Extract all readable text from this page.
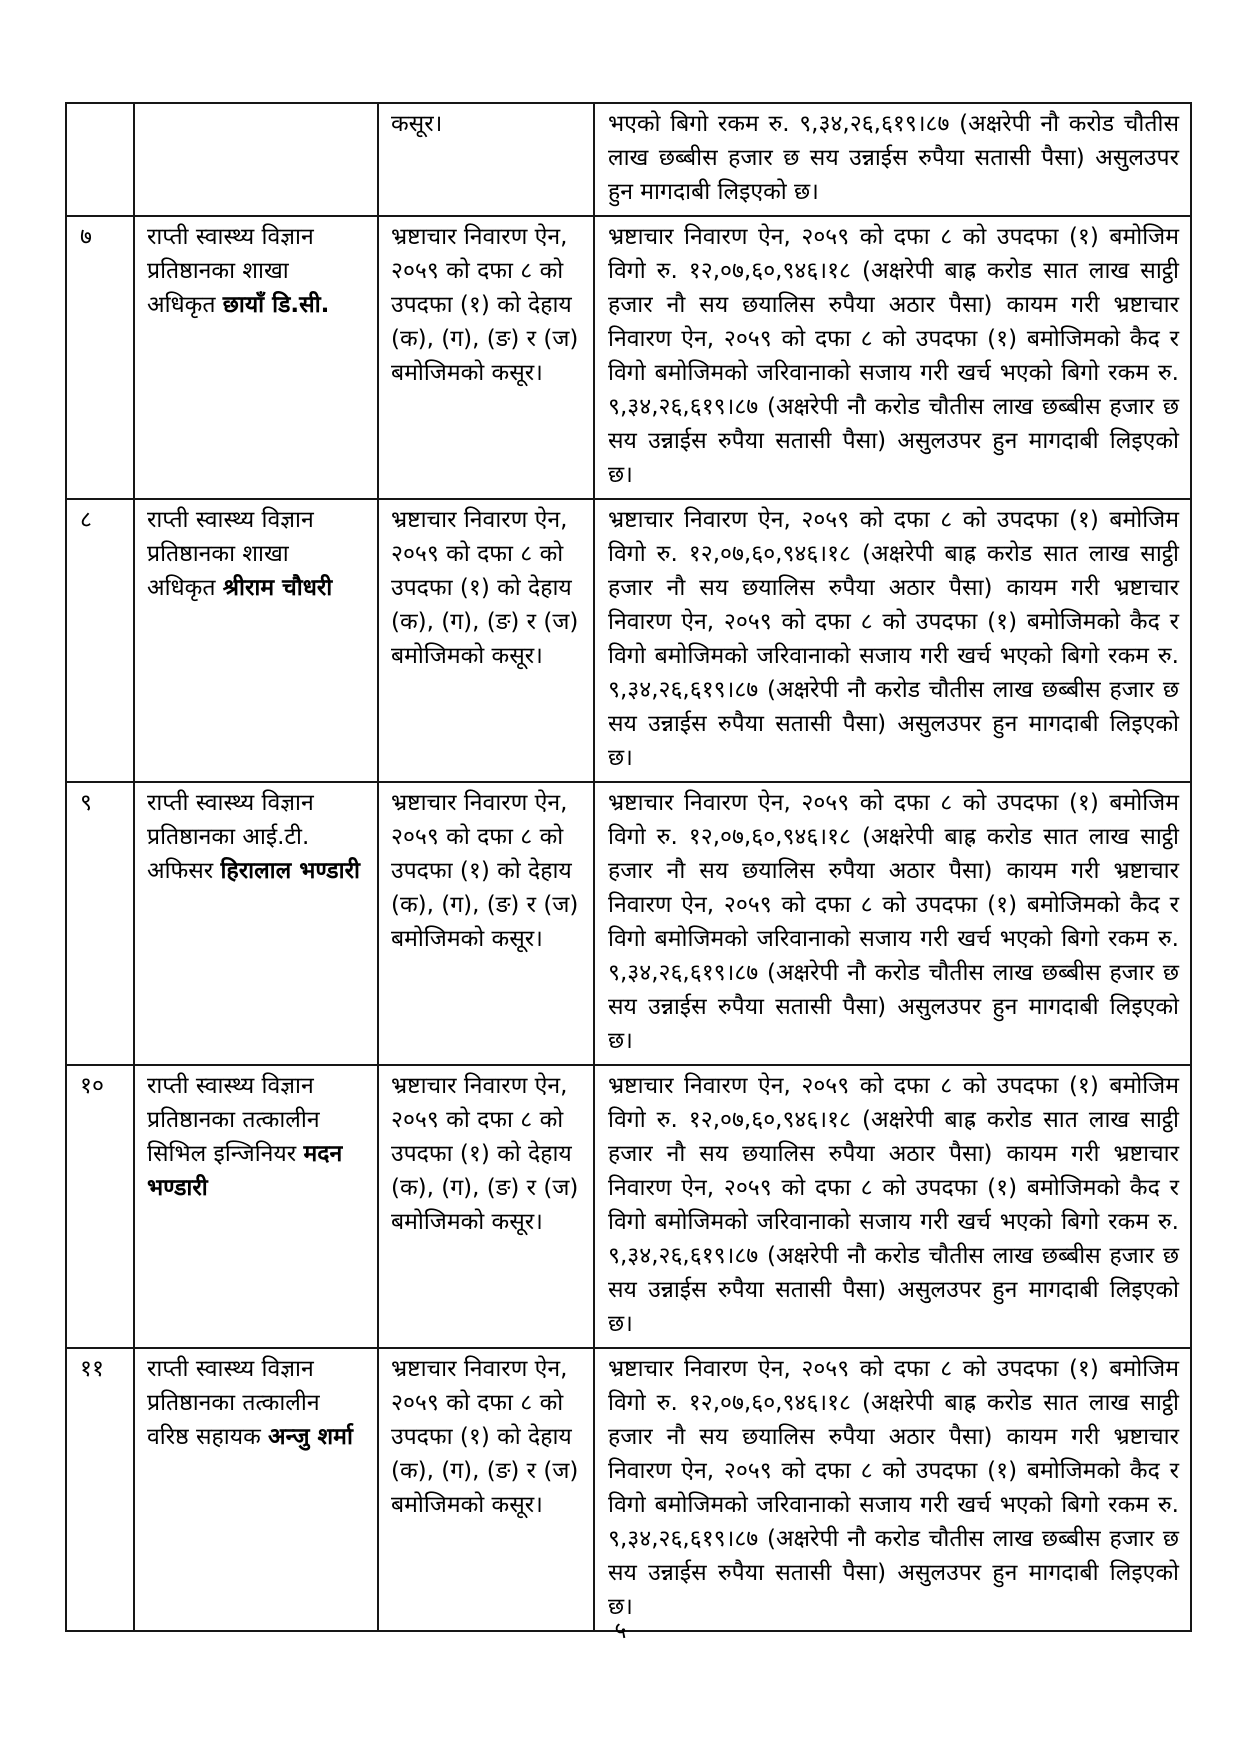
		कसूर।	भएको बिगो रकम रु. ९,३४,२६,६१९।८७ (अक्षरेपी नौ करोड चौतीस लाख छब्बीस हजार छ सय उन्नाईस रुपैया सतासी पैसा) असुलउपर हुन मागदाबी लिइएको छ।
७	राप्ती स्वास्थ्य विज्ञान प्रतिष्ठानका शाखा अधिकृत छायाँ डि.सी.	भ्रष्टाचार निवारण ऐन, २०५९ को दफा ८ को उपदफा (१) को देहाय (क), (ग), (ङ) र (ज) बमोजिमको कसूर।	भ्रष्टाचार निवारण ऐन, २०५९ को दफा ८ को उपदफा (१) बमोजिम विगो रु. १२,०७,६०,९४६।१८ (अक्षरेपी बाह्र करोड सात लाख साट्ठी हजार नौ सय छयालिस रुपैया अठार पैसा) कायम गरी भ्रष्टाचार निवारण ऐन, २०५९ को दफा ८ को उपदफा (१) बमोजिमको कैद र विगो बमोजिमको जरिवानाको सजाय गरी खर्च भएको बिगो रकम रु. ९,३४,२६,६१९।८७ (अक्षरेपी नौ करोड चौतीस लाख छब्बीस हजार छ सय उन्नाईस रुपैया सतासी पैसा) असुलउपर हुन मागदाबी लिइएको छ।
८	राप्ती स्वास्थ्य विज्ञान प्रतिष्ठानका शाखा अधिकृत श्रीराम चौधरी	भ्रष्टाचार निवारण ऐन, २०५९ को दफा ८ को उपदफा (१) को देहाय (क), (ग), (ङ) र (ज) बमोजिमको कसूर।	भ्रष्टाचार निवारण ऐन, २०५९ को दफा ८ को उपदफा (१) बमोजिम विगो रु. १२,०७,६०,९४६।१८ (अक्षरेपी बाह्र करोड सात लाख साट्ठी हजार नौ सय छयालिस रुपैया अठार पैसा) कायम गरी भ्रष्टाचार निवारण ऐन, २०५९ को दफा ८ को उपदफा (१) बमोजिमको कैद र विगो बमोजिमको जरिवानाको सजाय गरी खर्च भएको बिगो रकम रु. ९,३४,२६,६१९।८७ (अक्षरेपी नौ करोड चौतीस लाख छब्बीस हजार छ सय उन्नाईस रुपैया सतासी पैसा) असुलउपर हुन मागदाबी लिइएको छ।
९	राप्ती स्वास्थ्य विज्ञान प्रतिष्ठानका आई.टी. अफिसर हिरालाल भण्डारी	भ्रष्टाचार निवारण ऐन, २०५९ को दफा ८ को उपदफा (१) को देहाय (क), (ग), (ङ) र (ज) बमोजिमको कसूर।	भ्रष्टाचार निवारण ऐन, २०५९ को दफा ८ को उपदफा (१) बमोजिम विगो रु. १२,०७,६०,९४६।१८ (अक्षरेपी बाह्र करोड सात लाख साट्ठी हजार नौ सय छयालिस रुपैया अठार पैसा) कायम गरी भ्रष्टाचार निवारण ऐन, २०५९ को दफा ८ को उपदफा (१) बमोजिमको कैद र विगो बमोजिमको जरिवानाको सजाय गरी खर्च भएको बिगो रकम रु. ९,३४,२६,६१९।८७ (अक्षरेपी नौ करोड चौतीस लाख छब्बीस हजार छ सय उन्नाईस रुपैया सतासी पैसा) असुलउपर हुन मागदाबी लिइएको छ।
१०	राप्ती स्वास्थ्य विज्ञान प्रतिष्ठानका तत्कालीन सिभिल इन्जिनियर मदन भण्डारी	भ्रष्टाचार निवारण ऐन, २०५९ को दफा ८ को उपदफा (१) को देहाय (क), (ग), (ङ) र (ज) बमोजिमको कसूर।	भ्रष्टाचार निवारण ऐन, २०५९ को दफा ८ को उपदफा (१) बमोजिम विगो रु. १२,०७,६०,९४६।१८ (अक्षरेपी बाह्र करोड सात लाख साट्ठी हजार नौ सय छयालिस रुपैया अठार पैसा) कायम गरी भ्रष्टाचार निवारण ऐन, २०५९ को दफा ८ को उपदफा (१) बमोजिमको कैद र विगो बमोजिमको जरिवानाको सजाय गरी खर्च भएको बिगो रकम रु. ९,३४,२६,६१९।८७ (अक्षरेपी नौ करोड चौतीस लाख छब्बीस हजार छ सय उन्नाईस रुपैया सतासी पैसा) असुलउपर हुन मागदाबी लिइएको छ।
११	राप्ती स्वास्थ्य विज्ञान प्रतिष्ठानका तत्कालीन वरिष्ठ सहायक अन्जु शर्मा	भ्रष्टाचार निवारण ऐन, २०५९ को दफा ८ को उपदफा (१) को देहाय (क), (ग), (ङ) र (ज) बमोजिमको कसूर।	भ्रष्टाचार निवारण ऐन, २०५९ को दफा ८ को उपदफा (१) बमोजिम विगो रु. १२,०७,६०,९४६।१८ (अक्षरेपी बाह्र करोड सात लाख साट्ठी हजार नौ सय छयालिस रुपैया अठार पैसा) कायम गरी भ्रष्टाचार निवारण ऐन, २०५९ को दफा ८ को उपदफा (१) बमोजिमको कैद र विगो बमोजिमको जरिवानाको सजाय गरी खर्च भएको बिगो रकम रु. ९,३४,२६,६१९।८७ (अक्षरेपी नौ करोड चौतीस लाख छब्बीस हजार छ सय उन्नाईस रुपैया सतासी पैसा) असुलउपर हुन मागदाबी लिइएको छ।
५
